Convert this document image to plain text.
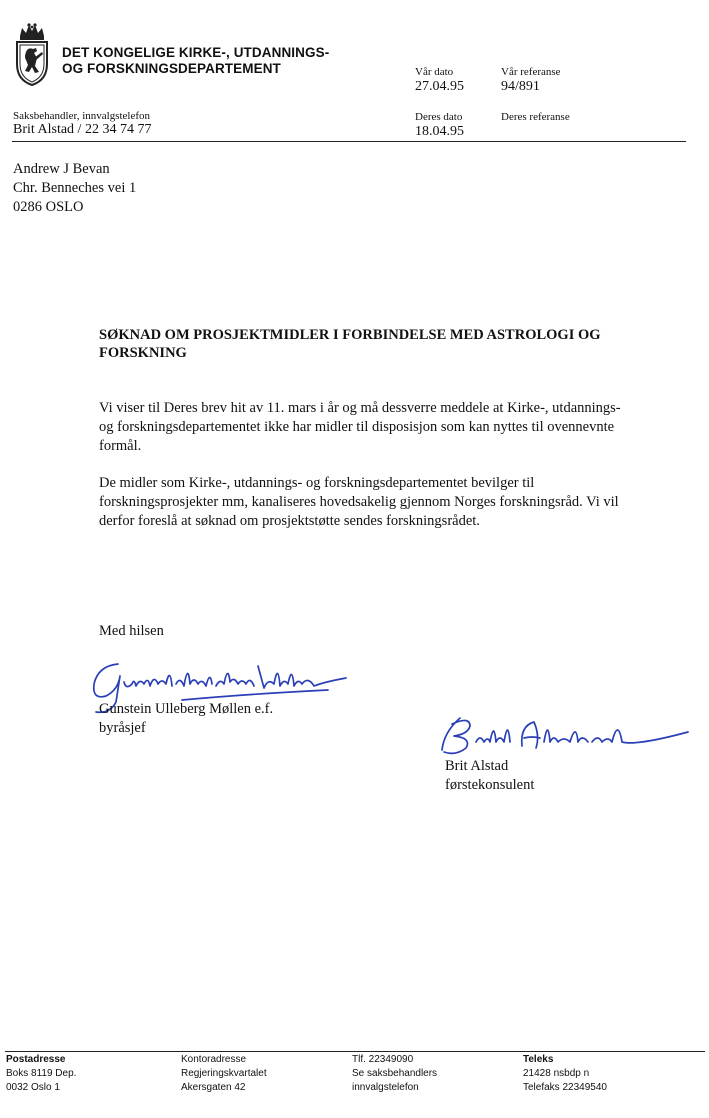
DET KONGELIGE KIRKE-, UTDANNINGS-
OG FORSKNINGSDEPARTEMENT	Vår dato
27.04.95
Vår referanse
94/891
Saksbehandler, innvalgstelefon
Brit Alstad / 22 34 74 77
Deres dato
18.04.95
Deres referanse
Andrew J Bevan
Chr. Benneches vei 1
0286 OSLO
SØKNAD OM PROSJEKTMIDLER I FORBINDELSE MED ASTROLOGI OG
FORSKNING
Vi viser til Deres brev hit av 11. mars i år og må dessverre meddele at Kirke-, utdannings-
og forskningsdepartementet ikke har midler til disposisjon som kan nyttes til ovennevnte
formål.
De midler som Kirke-, utdannings- og forskningsdepartementet bevilger til
forskningsprosjekter mm, kanaliseres hovedsakelig gjennom Norges forskningsråd. Vi vil
derfor foreslå at søknad om prosjektstøtte sendes forskningsrådet.
Med hilsen
Gunstein Ulleberg Møllen e.f.
byråsjef
Brit Alstad
førstekonsulent
Postadresse
Boks 8119 Dep.
0032 Oslo 1
Kontoradresse
Regjeringskvartalet
Akersgaten 42
Tlf. 22349090
Se saksbehandlers
innvalgstelefon
Teleks
21428 nsbdp n
Telefaks 22349540
